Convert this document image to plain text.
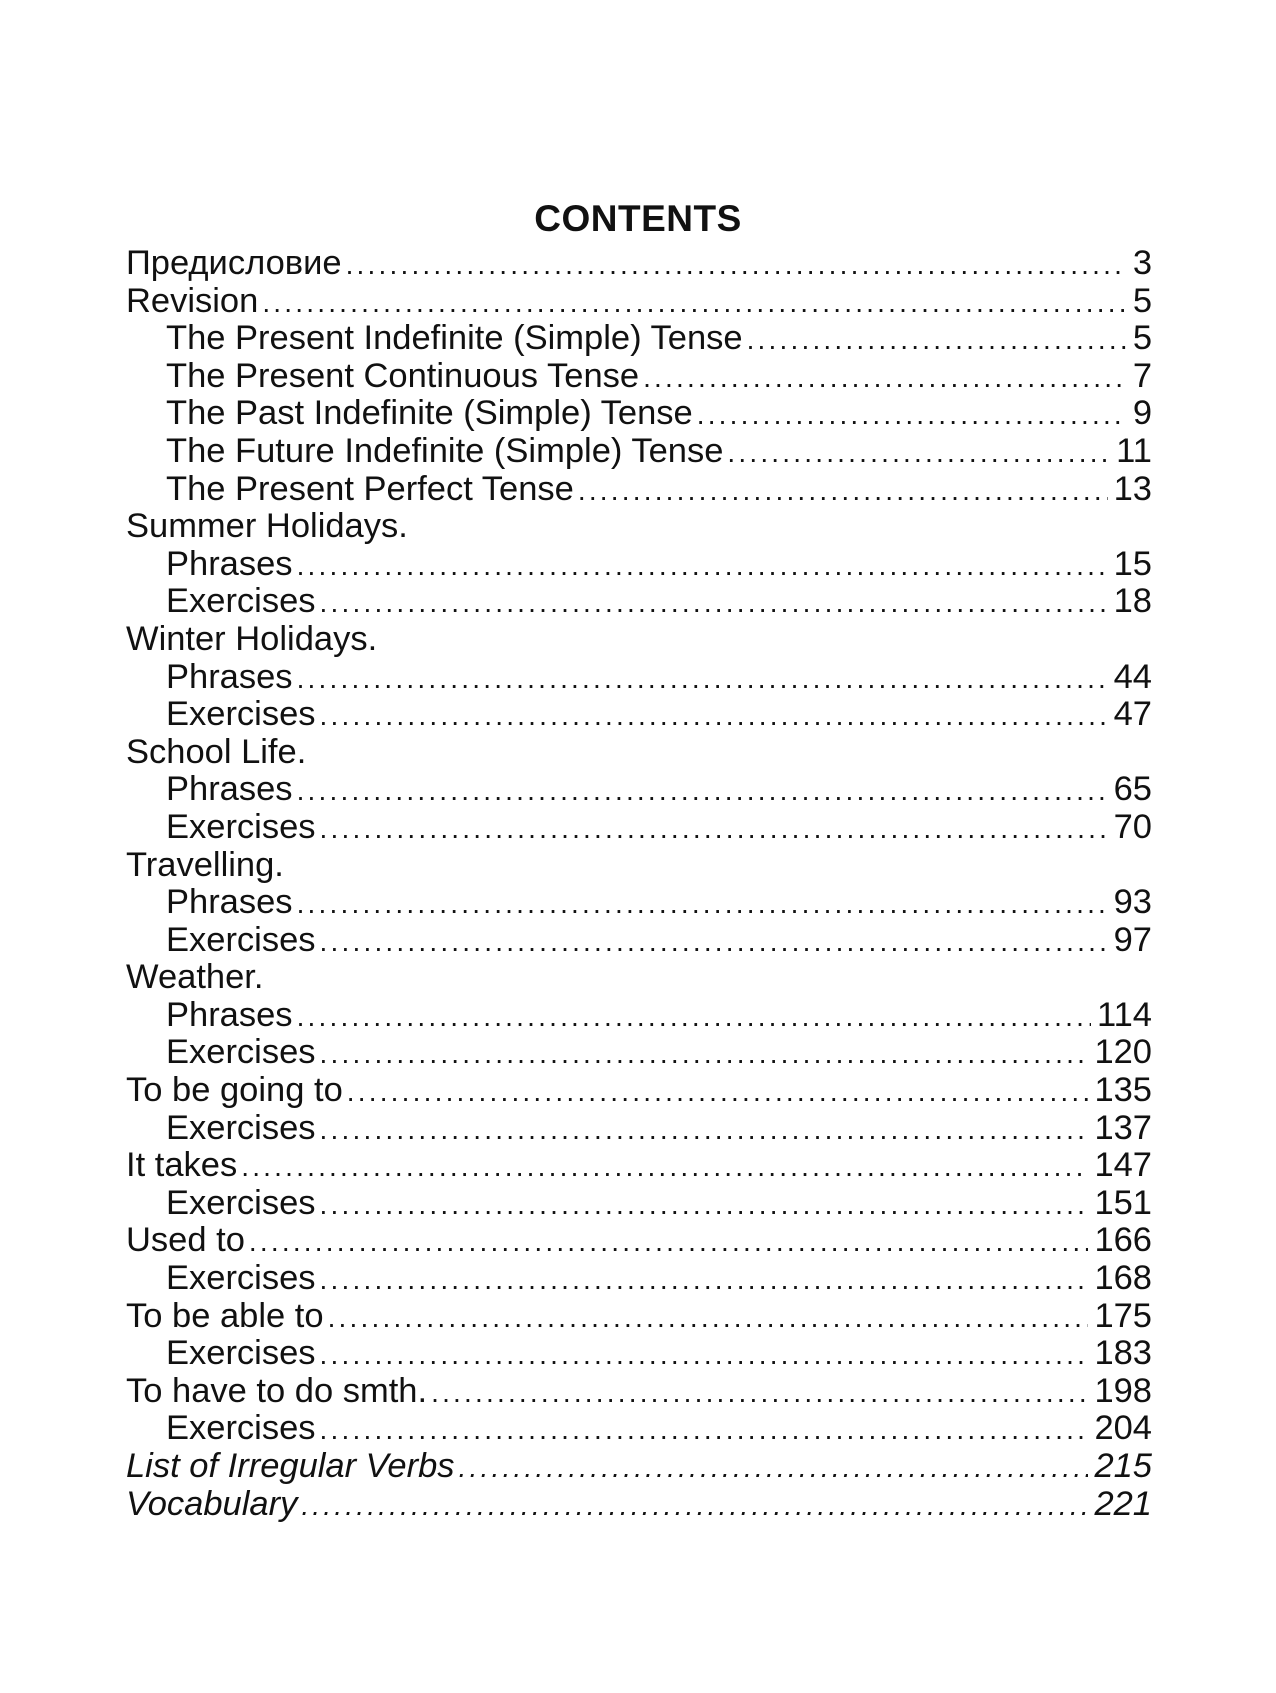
CONTENTS
Предисловие .....	3
Revision .....	5
The Present Indefinite (Simple) Tense .....	5
The Present Continuous Tense .....	7
The Past Indefinite (Simple) Tense .....	9
The Future Indefinite (Simple) Tense .....	11
The Present Perfect Tense .....	13
Summer Holidays.
Phrases .....	15
Exercises .....	18
Winter Holidays.
Phrases .....	44
Exercises .....	47
School Life.
Phrases .....	65
Exercises .....	70
Travelling.
Phrases .....	93
Exercises .....	97
Weather.
Phrases .....	114
Exercises .....	120
To be going to .....	135
Exercises .....	137
It takes .....	147
Exercises .....	151
Used to .....	166
Exercises .....	168
To be able to .....	175
Exercises .....	183
To have to do smth. .....	198
Exercises .....	204
List of Irregular Verbs .....	215
Vocabulary .....	221
